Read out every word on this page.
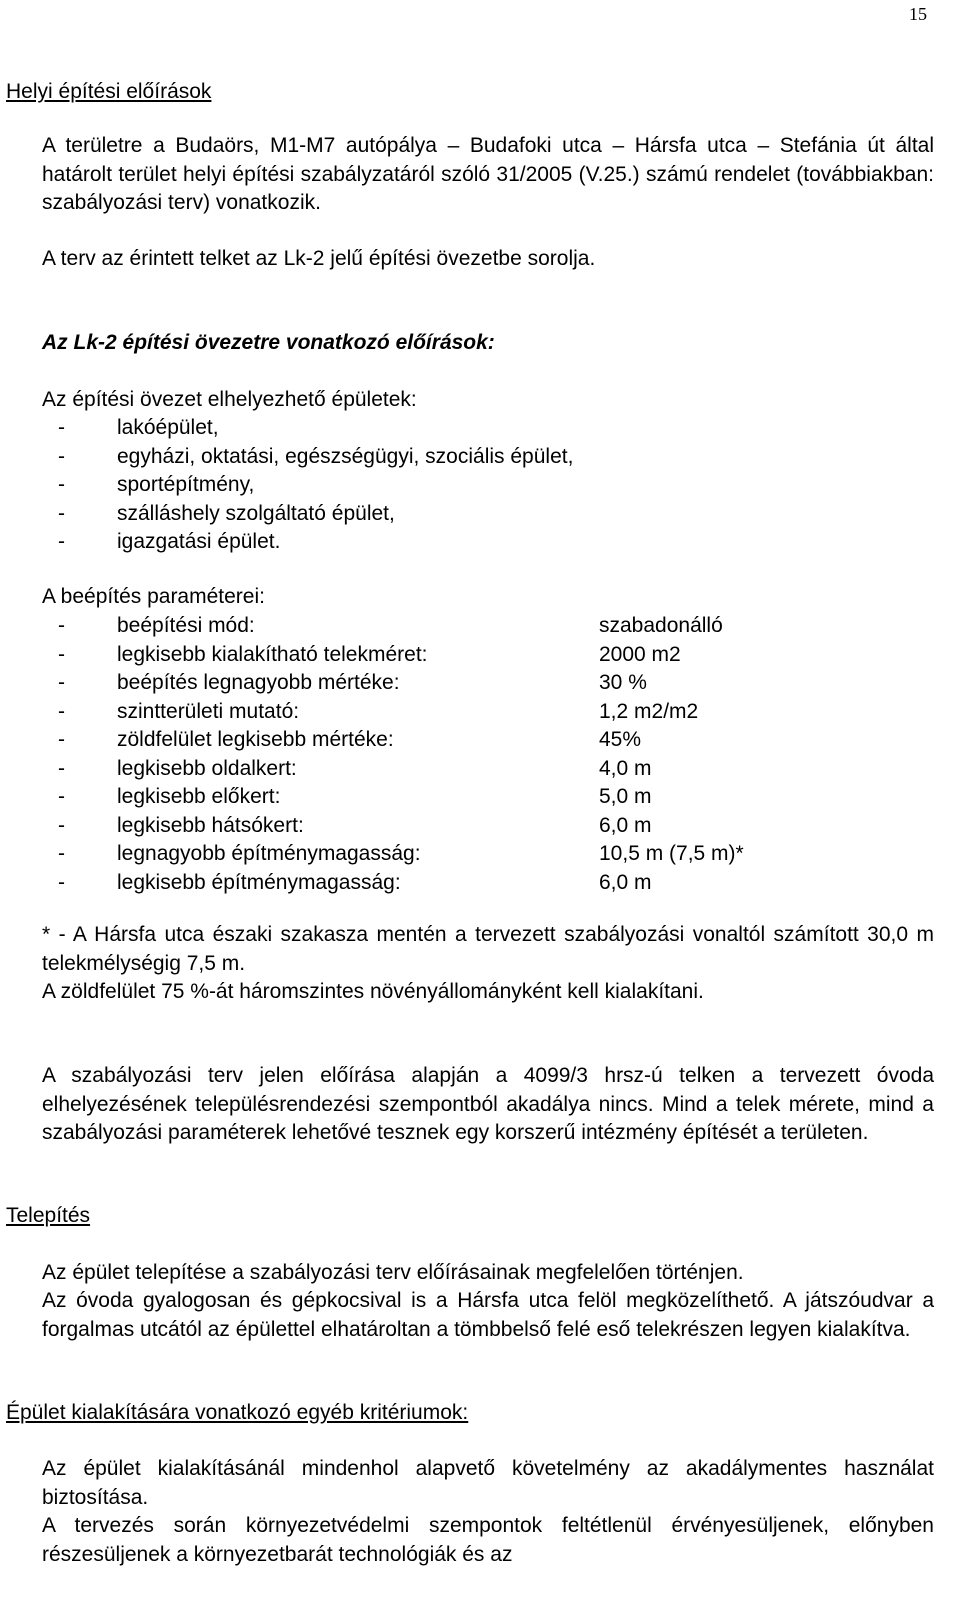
15
Helyi építési előírások

A területre a Budaörs, M1-M7 autópálya – Budafoki utca – Hársfa utca – Stefánia út által határolt terület helyi építési szabályzatáról szóló 31/2005 (V.25.) számú rendelet (továbbiakban: szabályozási terv) vonatkozik.

A terv az érintett telket az Lk-2 jelű építési övezetbe sorolja.

Az Lk-2 építési övezetre vonatkozó előírások:

Az építési övezet elhelyezhető épületek:

- lakóépület,
- egyházi, oktatási, egészségügyi, szociális épület,
- sportépítmény,
- szálláshely szolgáltató épület,
- igazgatási épület.

A beépítés paraméterei:

- beépítési mód:	szabadonálló
- legkisebb kialakítható telekméret:	2000 m2
- beépítés legnagyobb mértéke:	30 %
- szintterületi mutató:	1,2 m2/m2
- zöldfelület legkisebb mértéke:	45%
- legkisebb oldalkert:	4,0 m
- legkisebb előkert:	5,0 m
- legkisebb hátsókert:	6,0 m
- legnagyobb építménymagasság:	10,5 m (7,5 m)*
- legkisebb építménymagasság:	6,0 m

* - A Hársfa utca északi szakasza mentén a tervezett szabályozási vonaltól számított 30,0 m telekmélységig 7,5 m.

A zöldfelület 75 %-át háromszintes növényállományként kell kialakítani.

A szabályozási terv jelen előírása alapján a 4099/3 hrsz-ú telken a tervezett óvoda elhelyezésének településrendezési szempontból akadálya nincs. Mind a telek mérete, mind a szabályozási paraméterek lehetővé tesznek egy korszerű intézmény építését a területen.

Telepítés

Az épület telepítése a szabályozási terv előírásainak megfelelően történjen.

Az óvoda gyalogosan és gépkocsival is a Hársfa utca felöl megközelíthető. A játszóudvar a forgalmas utcától az épülettel elhatároltan a tömbbelső felé eső telekrészen legyen kialakítva.

Épület kialakítására vonatkozó egyéb kritériumok:

Az épület kialakításánál mindenhol alapvető követelmény az akadálymentes használat biztosítása.

A tervezés során környezetvédelmi szempontok feltétlenül érvényesüljenek, előnyben részesüljenek a környezetbarát technológiák és az
